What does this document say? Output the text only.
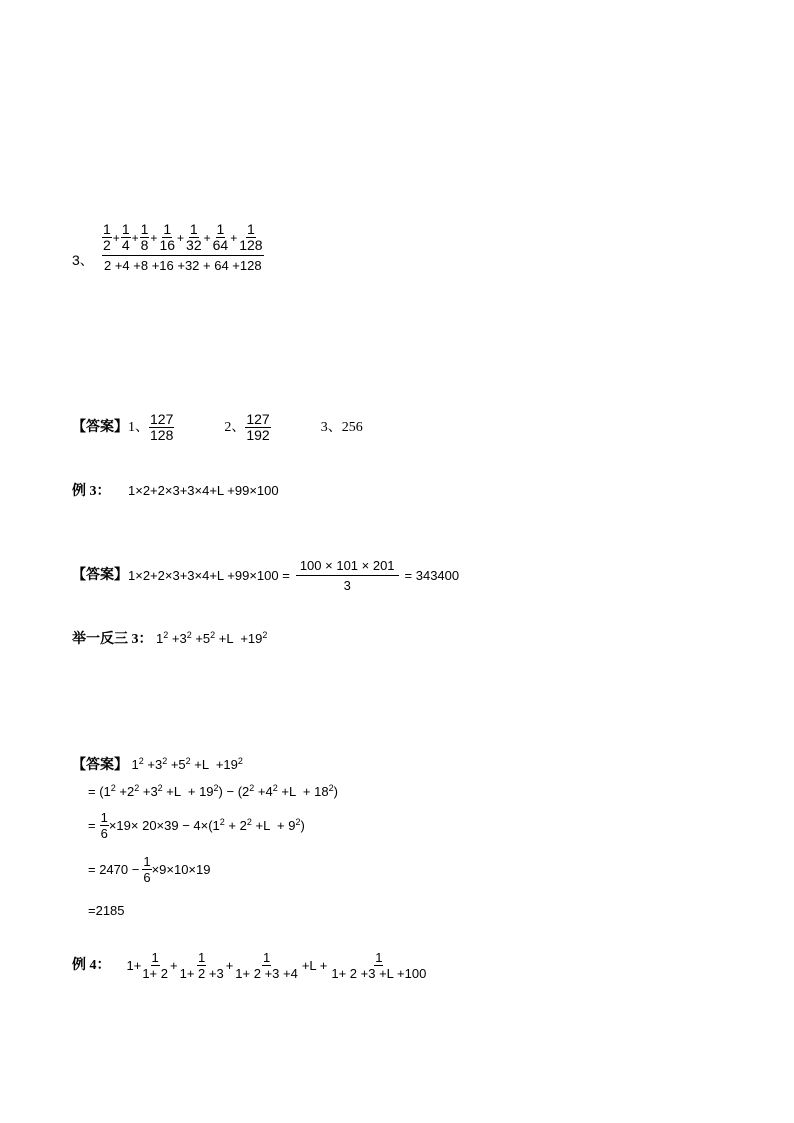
3、 $\frac{\frac{1}{2} + \frac{1}{4} + \frac{1}{8} + \frac{1}{16} + \frac{1}{32} + \frac{1}{64} + \frac{1}{128}}{2 +4 +8 +16 +32 + 64 +128}$
【答案】 1、 $\frac{127}{128}$	2、 $\frac{127}{192}$	3、256
例 3： 1×2+2×3+3×4+L +99×100
【答案】 $1\times 2+2\times 3+3\times 4+L +99\times 100 = \frac{100 \times 101 \times 201}{3} = 343400$
举一反三 3： $1^2 +3^2 +5^2 +L +19^2$
【答案】 $1^2 +3^2 +5^2 +L +19^2$
= $(1^2 +2^2 +3^2 +L + 19^2) - (2^2 +4^2 +L + 18^2)$
= $\frac{1}{6} \times 19\times 20\times 39 - 4\times(1^2 + 2^2 +L + 9^2)$
= $2470 - \frac{1}{6} \times 9\times 10\times 19$
=2185
例 4： $1+ \frac{1}{1+ 2} + \frac{1}{1+ 2 +3} + \frac{1}{1+ 2 +3 +4} +L + \frac{1}{1+ 2 +3 +L +100}$
